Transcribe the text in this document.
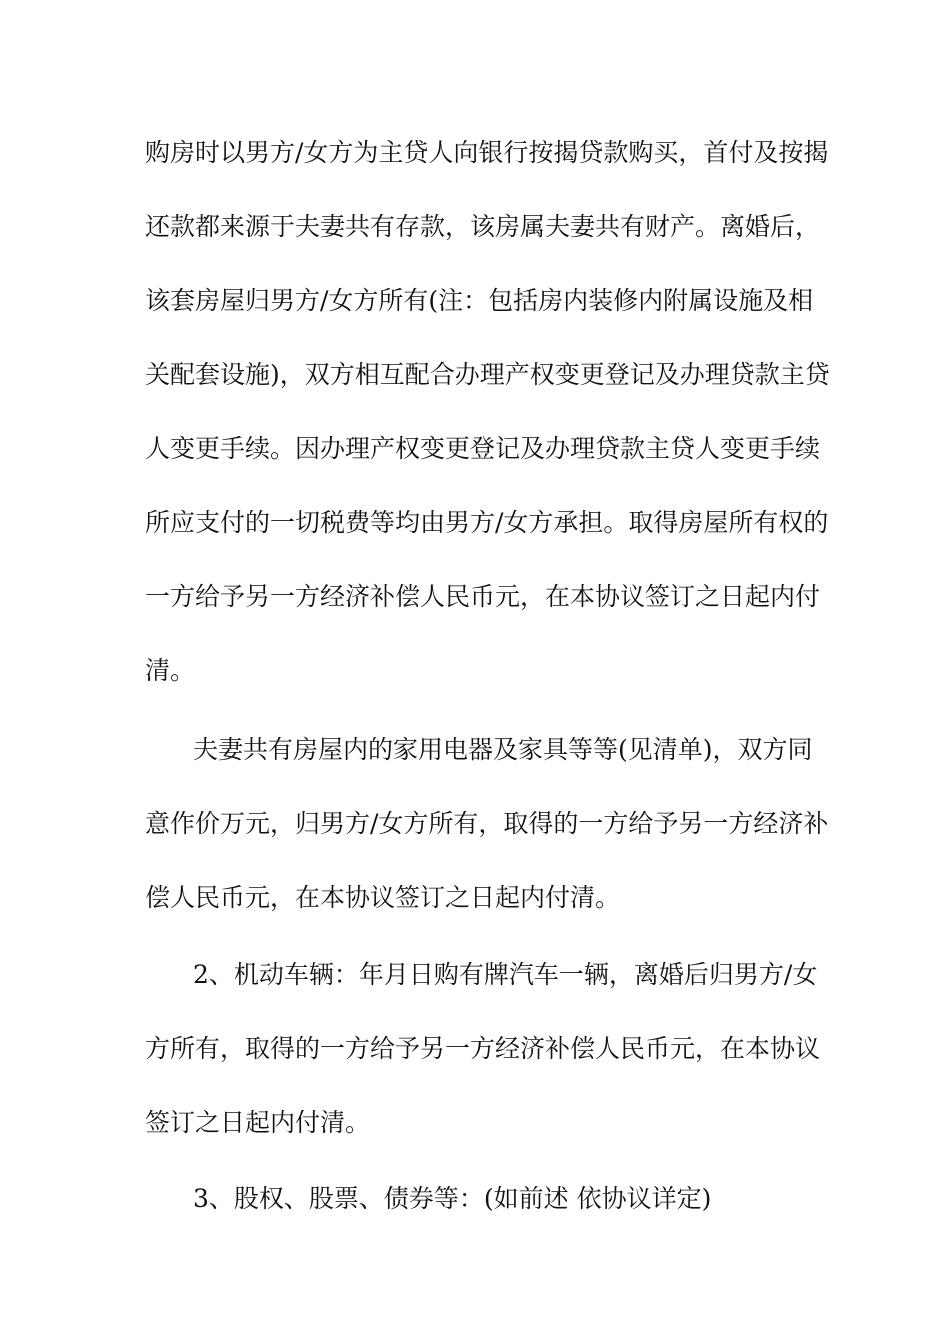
购房时以男方/女方为主贷人向银行按揭贷款购买，首付及按揭
还款都来源于夫妻共有存款，该房属夫妻共有财产。离婚后，
该套房屋归男方/女方所有(注：包括房内装修内附属设施及相
关配套设施)，双方相互配合办理产权变更登记及办理贷款主贷
人变更手续。因办理产权变更登记及办理贷款主贷人变更手续
所应支付的一切税费等均由男方/女方承担。取得房屋所有权的
一方给予另一方经济补偿人民币元，在本协议签订之日起内付
清。
夫妻共有房屋内的家用电器及家具等等(见清单)，双方同
意作价万元，归男方/女方所有，取得的一方给予另一方经济补
偿人民币元，在本协议签订之日起内付清。
2、机动车辆：年月日购有牌汽车一辆，离婚后归男方/女
方所有，取得的一方给予另一方经济补偿人民币元，在本协议
签订之日起内付清。
3、股权、股票、债券等：(如前述 依协议详定)
